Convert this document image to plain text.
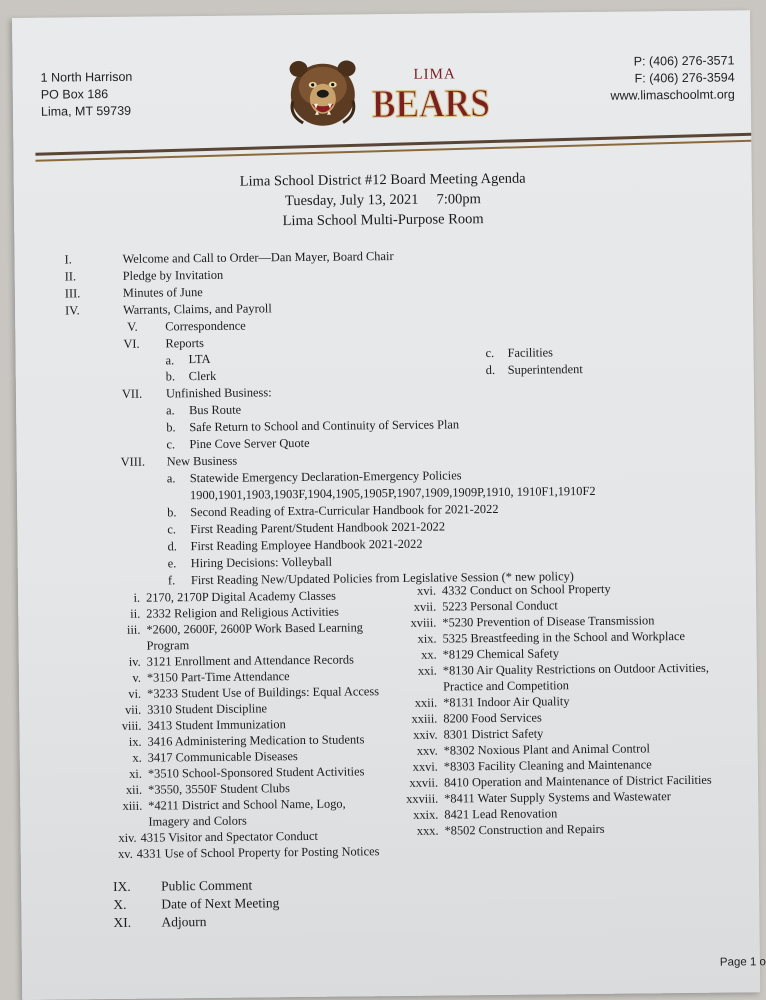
1 North Harrison
PO Box 186
Lima, MT 59739
LIMA
BEARS
P: (406) 276-3571
F: (406) 276-3594
www.limaschoolmt.org
Lima School District #12 Board Meeting Agenda
Tuesday, July 13, 2021     7:00pm
Lima School Multi-Purpose Room
I.	Welcome and Call to Order—Dan Mayer, Board Chair
II.	Pledge by Invitation
III.	Minutes of June
IV.	Warrants, Claims, and Payroll
V. Correspondence
VI. Reports
a. LTA
b. Clerk
c. Facilities
d. Superintendent
VII. Unfinished Business:
a. Bus Route
b. Safe Return to School and Continuity of Services Plan
c. Pine Cove Server Quote
VIII. New Business
a. Statewide Emergency Declaration-Emergency Policies
1900,1901,1903,1903F,1904,1905,1905P,1907,1909,1909P,1910, 1910F1,1910F2
b. Second Reading of Extra-Curricular Handbook for 2021-2022
c. First Reading Parent/Student Handbook 2021-2022
d. First Reading Employee Handbook 2021-2022
e. Hiring Decisions: Volleyball
f. First Reading New/Updated Policies from Legislative Session (* new policy)
i. 2170, 2170P Digital Academy Classes
ii. 2332 Religion and Religious Activities
iii. *2600, 2600F, 2600P Work Based Learning
Program
iv. 3121 Enrollment and Attendance Records
v. *3150 Part-Time Attendance
vi. *3233 Student Use of Buildings: Equal Access
vii. 3310 Student Discipline
viii. 3413 Student Immunization
ix. 3416 Administering Medication to Students
x. 3417 Communicable Diseases
xi. *3510 School-Sponsored Student Activities
xii. *3550, 3550F Student Clubs
xiii. *4211 District and School Name, Logo,
Imagery and Colors
xiv. 4315 Visitor and Spectator Conduct
xv. 4331 Use of School Property for Posting Notices
xvi. 4332 Conduct on School Property
xvii. 5223 Personal Conduct
xviii. *5230 Prevention of Disease Transmission
xix. 5325 Breastfeeding in the School and Workplace
xx. *8129 Chemical Safety
xxi. *8130 Air Quality Restrictions on Outdoor Activities,
Practice and Competition
xxii. *8131 Indoor Air Quality
xxiii. 8200 Food Services
xxiv. 8301 District Safety
xxv. *8302 Noxious Plant and Animal Control
xxvi. *8303 Facility Cleaning and Maintenance
xxvii. 8410 Operation and Maintenance of District Facilities
xxviii. *8411 Water Supply Systems and Wastewater
xxix. 8421 Lead Renovation
xxx. *8502 Construction and Repairs
IX. Public Comment
X.	Date of Next Meeting
XI. Adjourn
Page 1 o
